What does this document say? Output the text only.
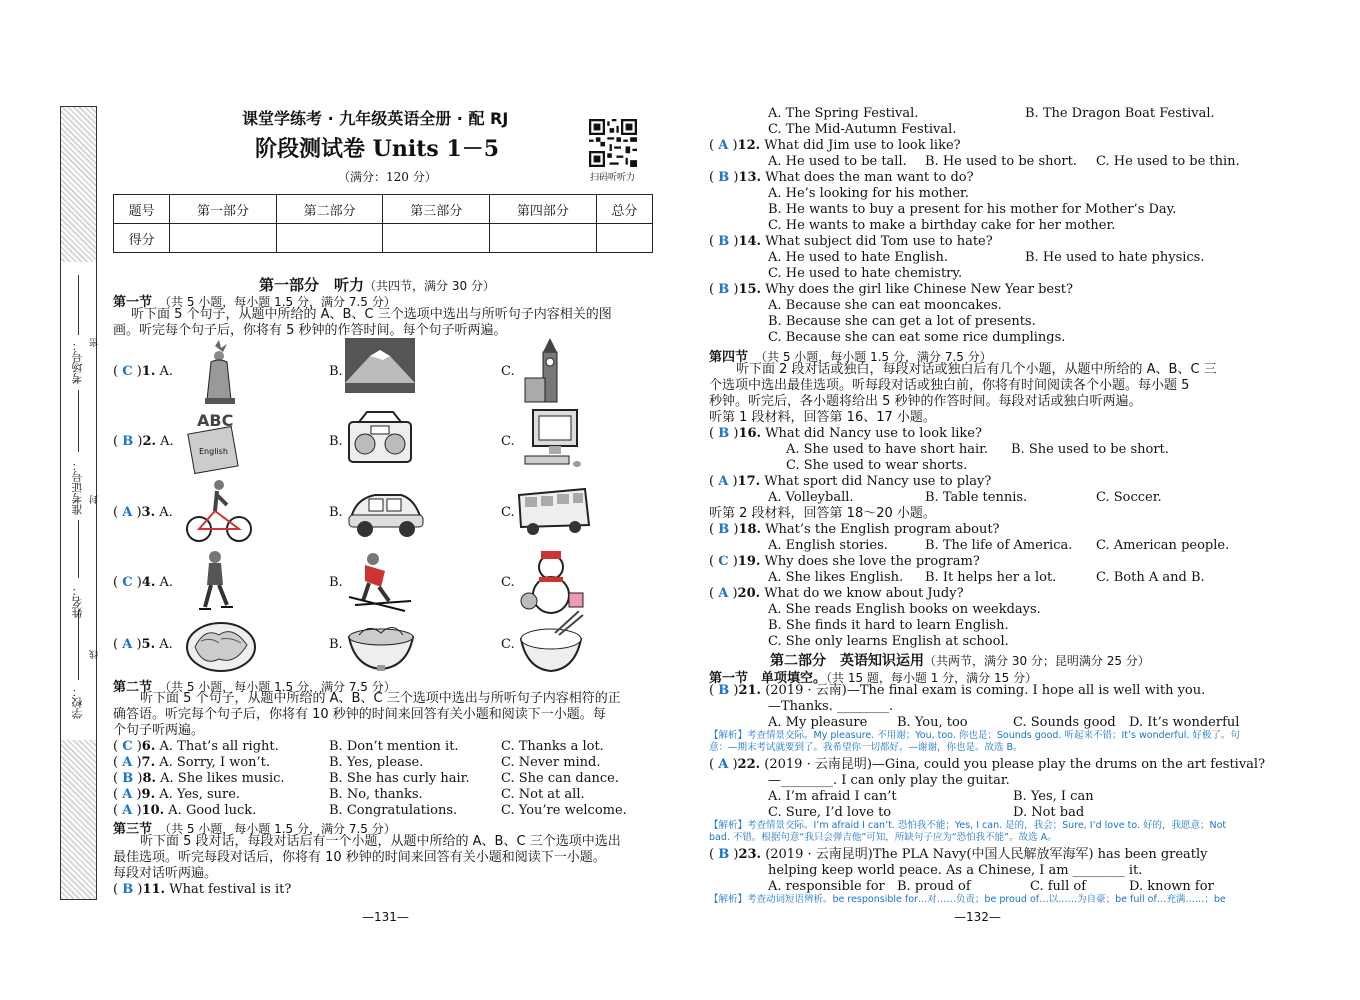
学校：
姓名：
准考证号：
考场号： 密
封
线
课堂学练考 · 九年级英语全册 · 配 RJ
阶段测试卷 Units 1－5
（满分：120 分）	扫码听听力
题号	第一部分	第二部分	第三部分	第四部分	总分
得分					
第一部分　听力（共四节，满分 30 分）
第一节　 （共 5 小题，每小题 1.5 分，满分 7.5 分）
听下面 5 个句子，从题中所给的 A、B、C 三个选项中选出与所听句子内容相关的图
画。听完每个句子后，你将有 5 秒钟的作答时间。每个句子听两遍。
( C )1. A.	B.	C.
( B )2. A.	B.	C.
ABC
English
( A )3. A.	B.	C.
( C )4. A.	B.	C.
( A )5. A.	B.	C.
第二节　 （共 5 小题，每小题 1.5 分，满分 7.5 分）
听下面 5 个句子，从题中所给的 A、B、C 三个选项中选出与所听句子内容相符的正
确答语。听完每个句子后，你将有 10 秒钟的时间来回答有关小题和阅读下一小题。每
个句子听两遍。
( C )6. A. That’s all right.	B. Don’t mention it.	C. Thanks a lot.
( A )7. A. Sorry, I won’t.	B. Yes, please.	C. Never mind.
( B )8. A. She likes music.	B. She has curly hair. C. She can dance.
( A )9. A. Yes, sure.	B. No, thanks.	C. Not at all.
( A )10. A. Good luck.	B. Congratulations.	C. You’re welcome.
第三节　 （共 5 小题，每小题 1.5 分，满分 7.5 分）
听下面 5 段对话，每段对话后有一个小题，从题中所给的 A、B、C 三个选项中选出
最佳选项。听完每段对话后，你将有 10 秒钟的时间来回答有关小题和阅读下一小题。
每段对话听两遍。
( B )11. What festival is it?
—131—
A. The Spring Festival.	B. The Dragon Boat Festival.
C. The Mid-Autumn Festival.
( A )12. What did Jim use to look like?
A. He used to be tall. B. He used to be short. C. He used to be thin.
( B )13. What does the man want to do?
A. He’s looking for his mother.
B. He wants to buy a present for his mother for Mother’s Day.
C. He wants to make a birthday cake for her mother.
( B )14. What subject did Tom use to hate?
A. He used to hate English.	B. He used to hate physics.
C. He used to hate chemistry.
( B )15. Why does the girl like Chinese New Year best?
A. Because she can eat mooncakes.
B. Because she can get a lot of presents.
C. Because she can eat some rice dumplings.
第四节　 （共 5 小题，每小题 1.5 分，满分 7.5 分）
听下面 2 段对话或独白，每段对话或独白后有几个小题，从题中所给的 A、B、C 三
个选项中选出最佳选项。听每段对话或独白前，你将有时间阅读各个小题。每小题 5
秒钟。听完后，各小题将给出 5 秒钟的作答时间。每段对话或独白听两遍。
听第 1 段材料，回答第 16、17 小题。
( B )16. What did Nancy use to look like?
A. She used to have short hair. B. She used to be short.
C. She used to wear shorts.
( A )17. What sport did Nancy use to play?
A. Volleyball.	B. Table tennis.	C. Soccer.
听第 2 段材料，回答第 18～20 小题。
( B )18. What’s the English program about?
A. English stories.	B. The life of America. C. American people.
( C )19. Why does she love the program?
A. She likes English. B. It helps her a lot.	C. Both A and B.
( A )20. What do we know about Judy?
A. She reads English books on weekdays.
B. She finds it hard to learn English.
C. She only learns English at school.
第二部分　英语知识运用（共两节，满分 30 分；昆明满分 25 分）
第一节　单项填空。（共 15 题，每小题 1 分，满分 15 分）
( B )21. (2019 · 云南)—The final exam is coming. I hope all is well with you.
—Thanks. ________.
A. My pleasure B. You, too	C. Sounds good D. It’s wonderful
【解析】考查情景交际。My pleasure. 不用谢；You, too. 你也是；Sounds good. 听起来不错；It’s wonderful. 好极了。句
意：—期末考试就要到了。我希望你一切都好。—谢谢，你也是。故选 B。
( A )22. (2019 · 云南昆明)—Gina, could you please play the drums on the art festival?
—________. I can only play the guitar.
A. I’m afraid I can’t	B. Yes, I can
C. Sure, I’d love to	D. Not bad
【解析】考查情景交际。I’m afraid I can’t. 恐怕我不能；Yes, I can. 是的，我会；Sure, I’d love to. 好的，我愿意；Not
bad. 不错。根据句意“我只会弹吉他”可知，所缺句子应为“恐怕我不能”。故选 A。
( B )23. (2019 · 云南昆明)The PLA Navy(中国人民解放军海军) has been greatly
helping keep world peace. As a Chinese, I am ________ it.
A. responsible for B. proud of	C. full of	D. known for
【解析】考查动词短语辨析。be responsible for…对……负责；be proud of…以……为自豪；be full of…充满……；be
—132—
